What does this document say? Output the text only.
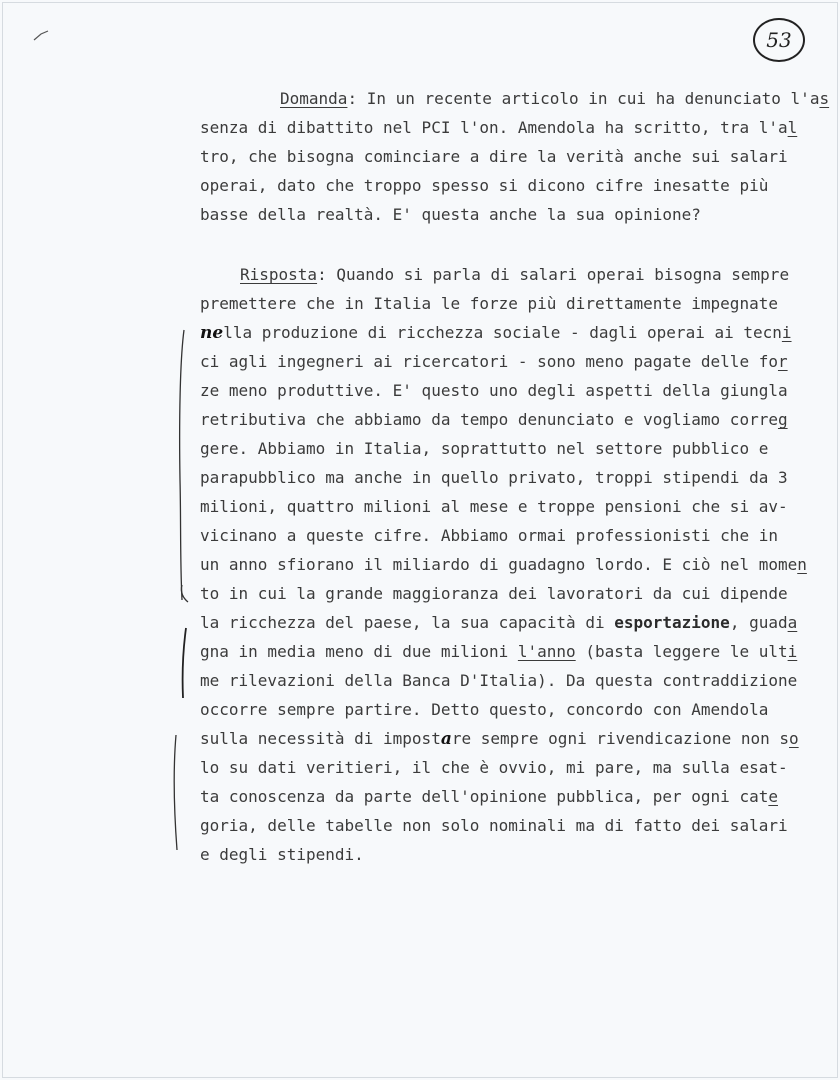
53
Domanda: In un recente articolo in cui ha denunciato l'as
senza di dibattito nel PCI l'on. Amendola ha scritto, tra l'al
tro, che bisogna cominciare a dire la verità anche sui salari
operai, dato che troppo spesso si dicono cifre inesatte più
basse della realtà. E' questa anche la sua opinione?
Risposta: Quando si parla di salari operai bisogna sempre
premettere che in Italia le forze più direttamente impegnate
nella produzione di ricchezza sociale - dagli operai ai tecni
ci agli ingegneri ai ricercatori - sono meno pagate delle for
ze meno produttive. E' questo uno degli aspetti della giungla
retributiva che abbiamo da tempo denunciato e vogliamo correg
gere. Abbiamo in Italia, soprattutto nel settore pubblico e
parapubblico ma anche in quello privato, troppi stipendi da 3
milioni, quattro milioni al mese e troppe pensioni che si av-
vicinano a queste cifre. Abbiamo ormai professionisti che in
un anno sfiorano il miliardo di guadagno lordo. E ciò nel momen
to in cui la grande maggioranza dei lavoratori da cui dipende
la ricchezza del paese, la sua capacità di esportazione, guada
gna in media meno di due milioni l'anno (basta leggere le ulti
me rilevazioni della Banca D'Italia). Da questa contraddizione
occorre sempre partire. Detto questo, concordo con Amendola
sulla necessità di impostare sempre ogni rivendicazione non so
lo su dati veritieri, il che è ovvio, mi pare, ma sulla esat-
ta conoscenza da parte dell'opinione pubblica, per ogni cate
goria, delle tabelle non solo nominali ma di fatto dei salari
e degli stipendi.
